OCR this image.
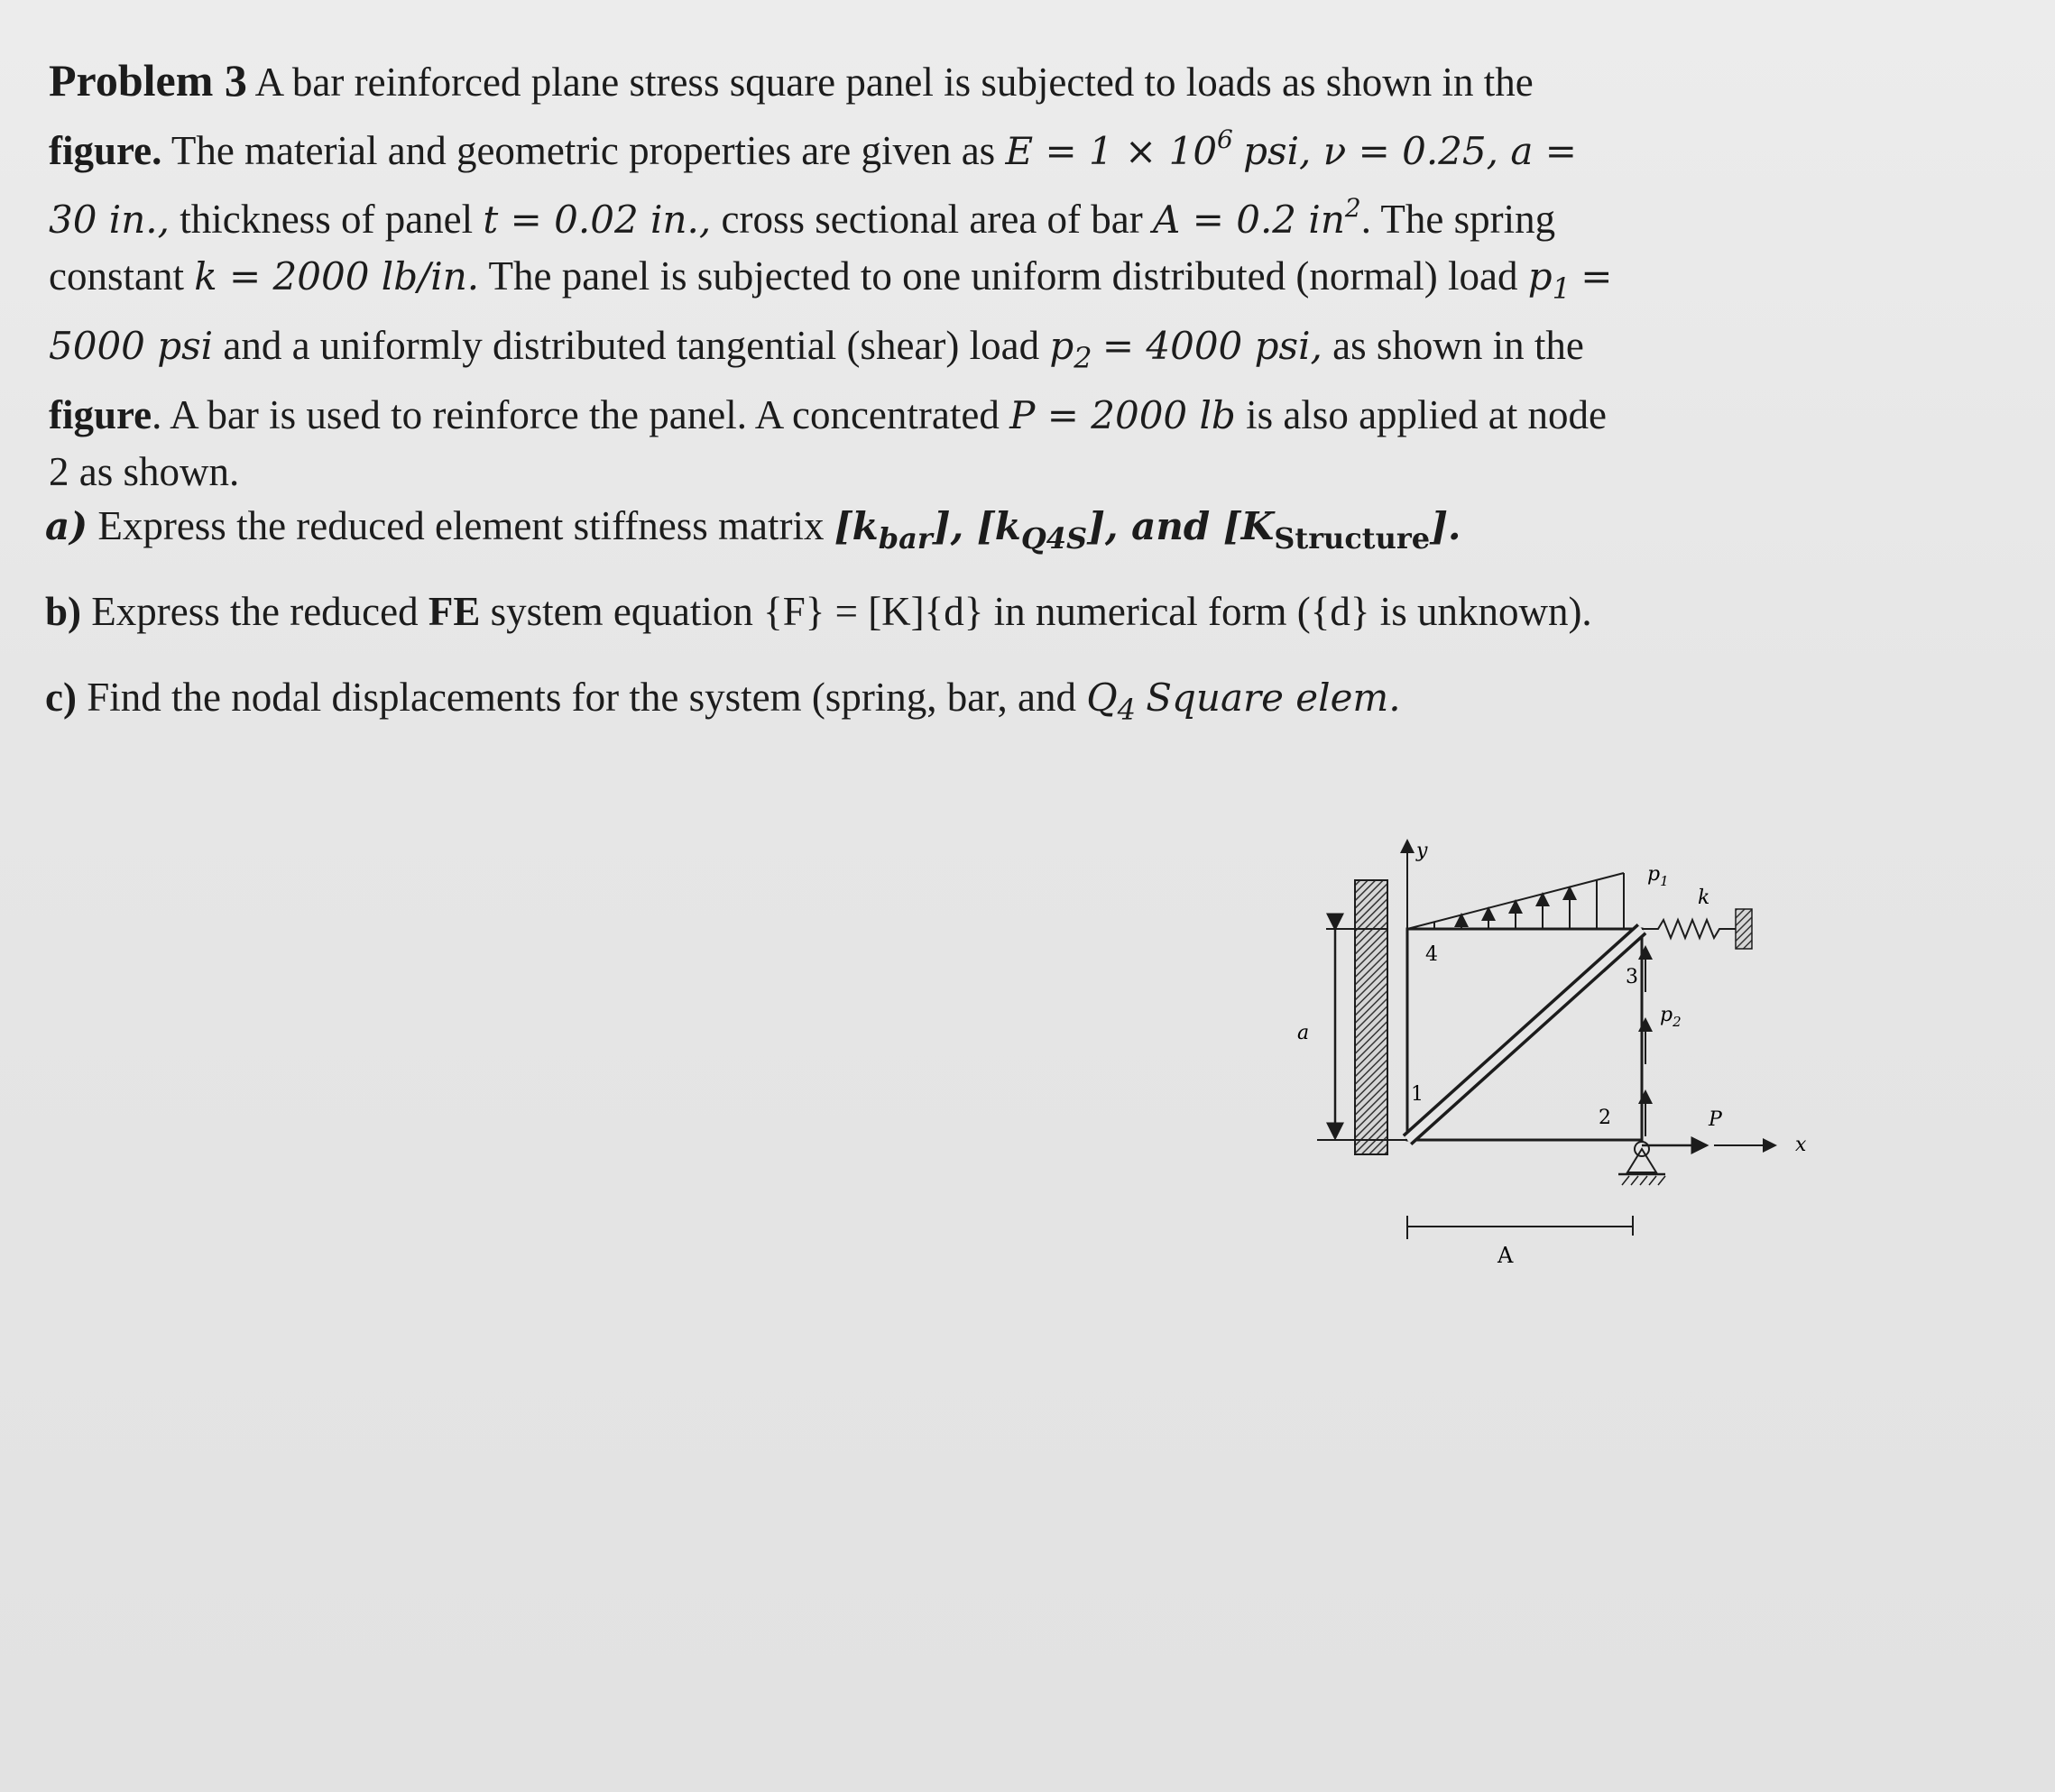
Problem 3 A bar reinforced plane stress square panel is subjected to loads as shown in the

figure. The material and geometric properties are given as $E = 1 \times 10^6$ psi, ν = 0.25, a =

30 in., thickness of panel t = 0.02 in., cross sectional area of bar A = 0.2 $in^2$. The spring

constant k = 2000 lb/in. The panel is subjected to one uniform distributed (normal) load $p_1$ =

5000 psi and a uniformly distributed tangential (shear) load $p_2 = 4000$ psi, as shown in the

figure. A bar is used to reinforce the panel. A concentrated P = 2000 lb is also applied at node

2 as shown.

a) Express the reduced element stiffness matrix $[k_{bar}]$, $[k_{Q4S}]$, and $[K_{Structure}]$.

b) Express the reduced FE system equation {F} = [K]{d} in numerical form ({d} is unknown).

c) Find the nodal displacements for the system (spring, bar, and $Q_4$ Square elem.

a
y
$p_1$
4
1
3
2
$p_2$
k
x
P
A
